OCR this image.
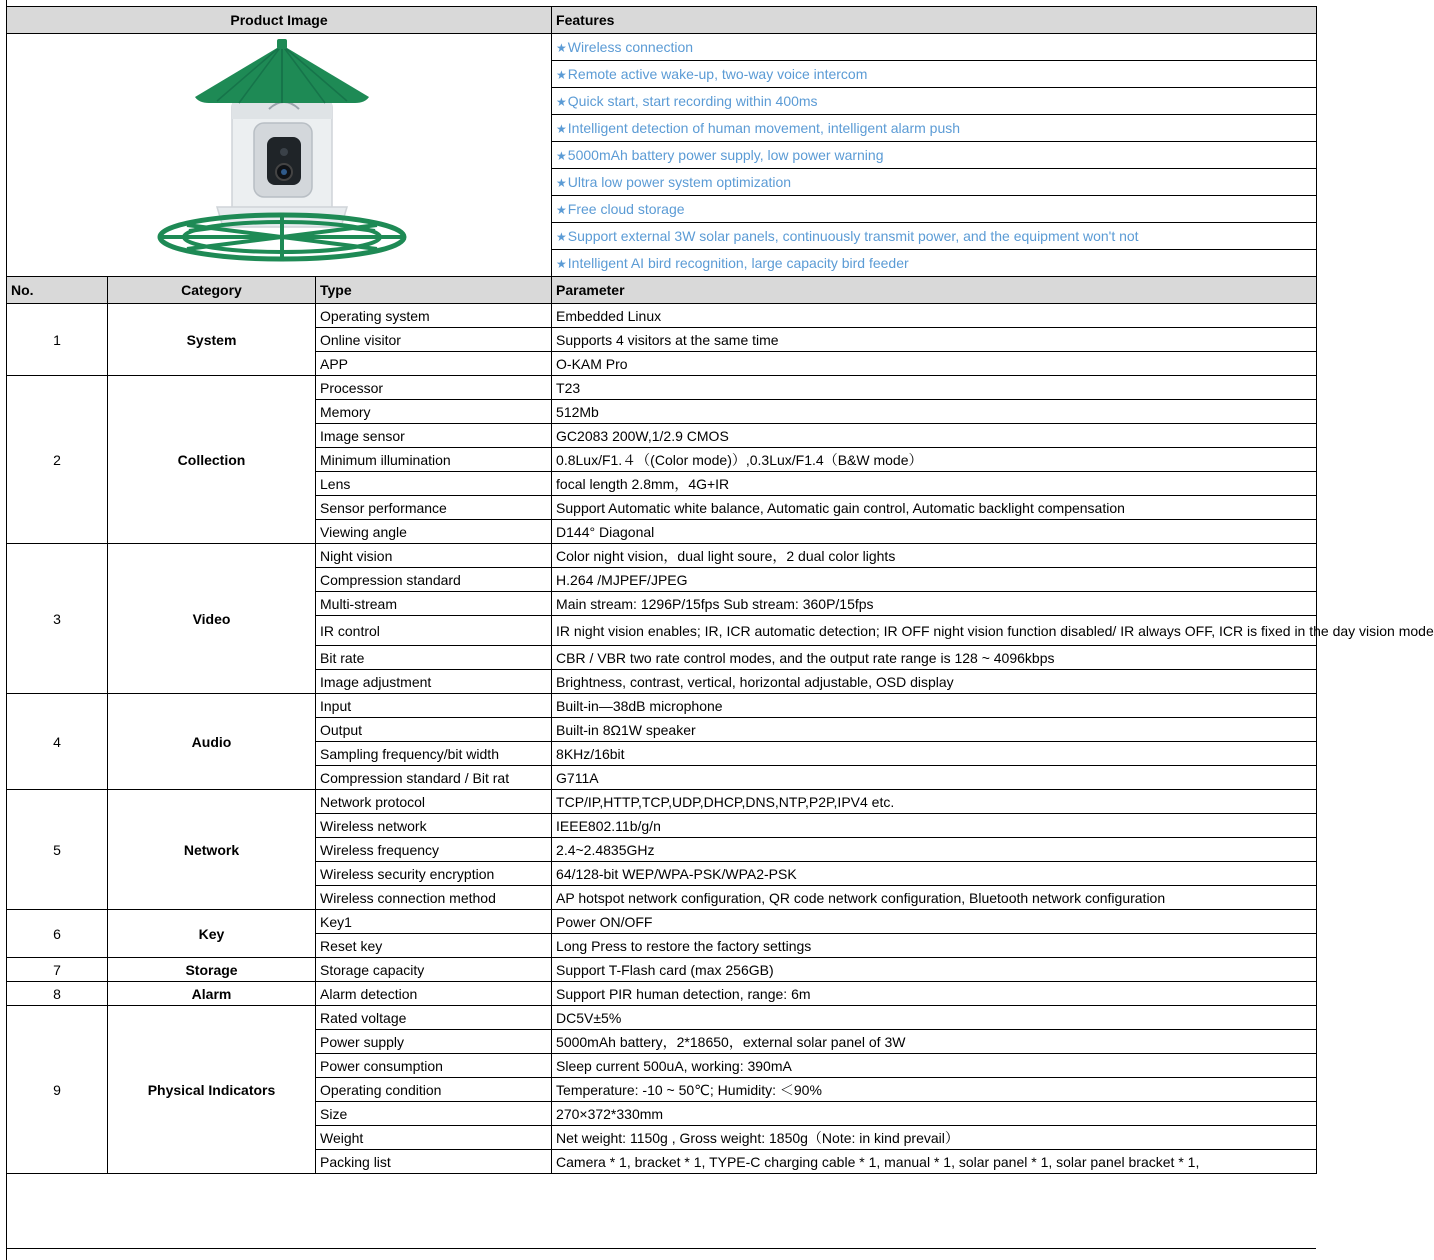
Product Image			Features
	★Wireless connection
			★Remote active wake-up, two-way voice intercom
			★Quick start, start recording within 400ms
			★Intelligent detection of human movement, intelligent alarm push
			★5000mAh battery power supply, low power warning
			★Ultra low power system optimization
			★Free cloud storage
			★Support external 3W solar panels, continuously transmit power, and the equipment won't not
			★Intelligent AI bird recognition, large capacity bird feeder
No.	Category	Type	Parameter
1	System	Operating system	Embedded Linux
		Online visitor	Supports 4 visitors at the same time
		APP	O-KAM Pro
2	Collection	Processor	T23
		Memory	512Mb
		Image sensor	GC2083 200W,1/2.9 CMOS
		Minimum illumination	0.8Lux/F1.４（(Color mode)）,0.3Lux/F1.4（B&W mode）
		Lens	focal length 2.8mm，4G+IR
		Sensor performance	Support Automatic white balance, Automatic gain control, Automatic backlight compensation
		Viewing angle	D144° Diagonal
3	Video	Night vision	Color night vision，dual light soure，2 dual color lights
		Compression standard	H.264 /MJPEF/JPEG
		Multi-stream	Main stream: 1296P/15fps Sub stream: 360P/15fps
		IR control	IR night vision enables; IR, ICR automatic detection; IR OFF night vision function disabled/ IR always OFF, ICR is fixed in the day vision mode
		Bit rate	CBR / VBR two rate control modes, and the output rate range is 128 ~ 4096kbps
		Image adjustment	Brightness, contrast, vertical, horizontal adjustable, OSD display
4	Audio	Input	Built-in—38dB microphone
		Output	Built-in 8Ω1W speaker
		Sampling frequency/bit width	8KHz/16bit
		Compression standard / Bit rat	G711A
5	Network	Network protocol	TCP/IP,HTTP,TCP,UDP,DHCP,DNS,NTP,P2P,IPV4 etc.
		Wireless network	IEEE802.11b/g/n
		Wireless frequency	2.4~2.4835GHz
		Wireless security encryption	64/128-bit WEP/WPA-PSK/WPA2-PSK
		Wireless connection method	AP hotspot network configuration, QR code network configuration, Bluetooth network configuration
6	Key	Key1	Power ON/OFF
		Reset key	Long Press to restore the factory settings
7	Storage	Storage capacity	Support T-Flash card (max 256GB)
8	Alarm	Alarm detection	Support PIR human detection, range: 6m
9	Physical Indicators	Rated voltage	DC5V±5%
		Power supply	5000mAh battery，2*18650，external solar panel of 3W
		Power consumption	Sleep current 500uA, working: 390mA
		Operating condition	Temperature: -10 ~ 50℃; Humidity: ＜90%
		Size	270×372*330mm
		Weight	Net weight: 1150g , Gross weight: 1850g（Note: in kind prevail）
		Packing list	Camera * 1, bracket * 1, TYPE-C charging cable * 1, manual * 1, solar panel * 1, solar panel bracket * 1,
